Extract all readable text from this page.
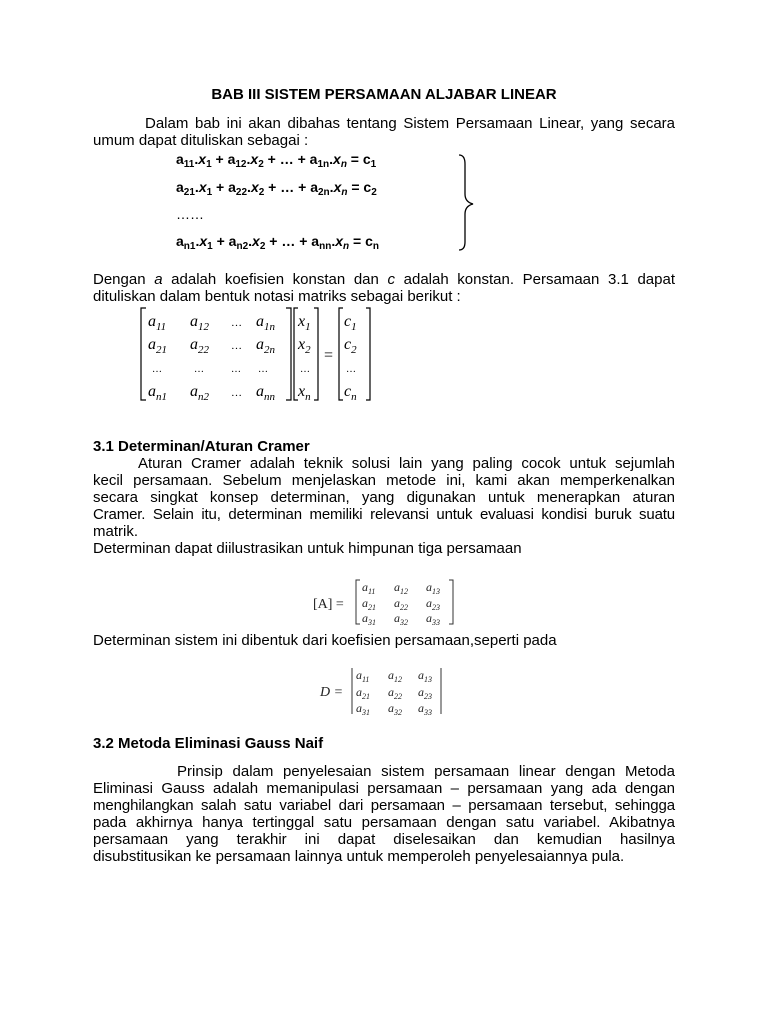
BAB III SISTEM PERSAMAAN ALJABAR LINEAR
Dalam bab ini akan dibahas tentang Sistem Persamaan Linear, yang secara
umum dapat dituliskan sebagai :
$a_{11}.x_1 + a_{12}.x_2$ + … + $a_{1n}.x_n = c_1$
$a_{21}.x_1 + a_{22}.x_2$ + … + $a_{2n}.x_n = c_2$
……
$a_{n1}.x_1 + a_{n2}.x_2$ + … + $a_{nn}.x_n = c_n$
Dengan a adalah koefisien konstan dan c adalah konstan. Persamaan 3.1 dapat
dituliskan dalam bentuk notasi matriks sebagai berikut :
$a_{11}$ $a_{12}$ … $a_{1n}$
$a_{21}$ $a_{22}$ … $a_{2n}$
…	…	… …
$a_{n1}$ $a_{n2}$ … $a_{nn}$
$x_1$
$x_2$
…
$x_n$
=
$c_1$
$c_2$
…
$c_n$
3.1 Determinan/Aturan Cramer
Aturan Cramer adalah teknik solusi lain yang paling cocok untuk sejumlah
kecil persamaan. Sebelum menjelaskan metode ini, kami akan memperkenalkan
secara singkat konsep determinan, yang digunakan untuk menerapkan aturan
Cramer. Selain itu, determinan memiliki relevansi untuk evaluasi kondisi buruk suatu
matrik.
Determinan dapat diilustrasikan untuk himpunan tiga persamaan
[A] =
$a_{11}$ $a_{12}$ $a_{13}$
$a_{21}$ $a_{22}$ $a_{23}$
$a_{31}$ $a_{32}$ $a_{33}$
Determinan sistem ini dibentuk dari koefisien persamaan,seperti pada
D =
$a_{11}$ $a_{12}$ $a_{13}$
$a_{21}$ $a_{22}$ $a_{23}$
$a_{31}$ $a_{32}$ $a_{33}$
3.2 Metoda Eliminasi Gauss Naif
Prinsip dalam penyelesaian sistem persamaan linear dengan Metoda
Eliminasi Gauss adalah memanipulasi persamaan – persamaan yang ada dengan
menghilangkan salah satu variabel dari persamaan – persamaan tersebut, sehingga
pada akhirnya hanya tertinggal satu persamaan dengan satu variabel. Akibatnya
persamaan yang terakhir ini dapat diselesaikan dan kemudian hasilnya
disubstitusikan ke persamaan lainnya untuk memperoleh penyelesaiannya pula.
